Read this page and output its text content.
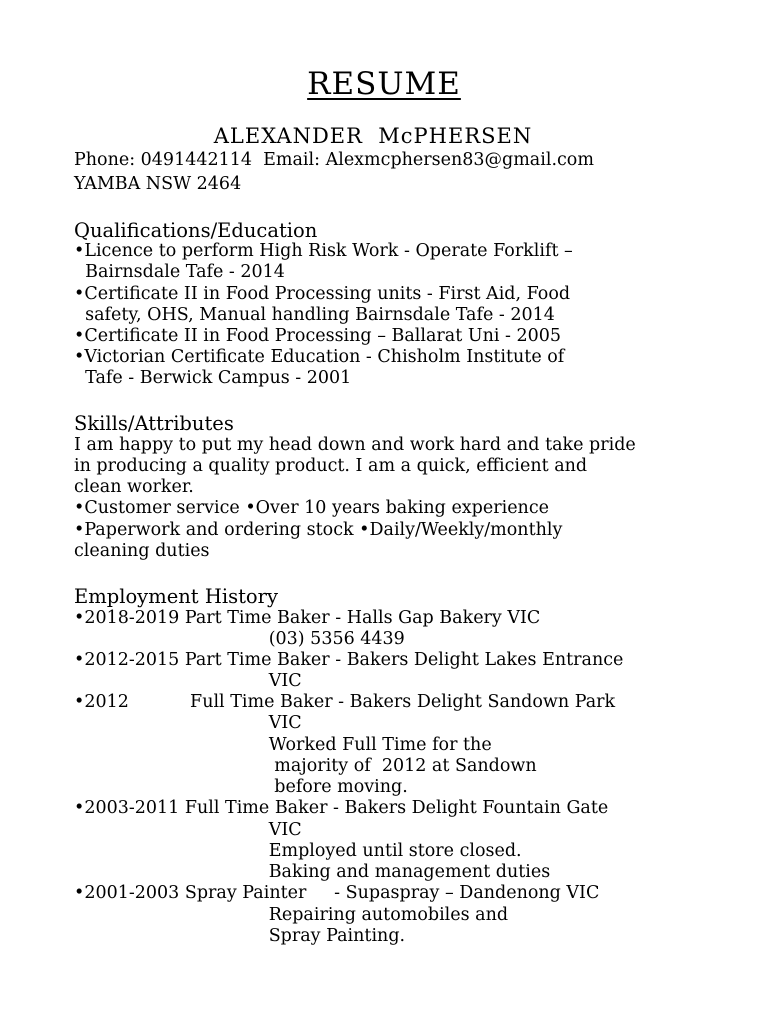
RESUME
ALEXANDER  McPHERSEN
Phone: 0491442114  Email: Alexmcphersen83@gmail.com
YAMBA NSW 2464
Qualifications/Education
•Licence to perform High Risk Work - Operate Forklift –
Bairnsdale Tafe - 2014
•Certificate II in Food Processing units - First Aid, Food
safety, OHS, Manual handling Bairnsdale Tafe - 2014
•Certificate II in Food Processing – Ballarat Uni - 2005
•Victorian Certificate Education - Chisholm Institute of
Tafe - Berwick Campus - 2001
Skills/Attributes
I am happy to put my head down and work hard and take pride
in producing a quality product. I am a quick, efficient and
clean worker.
•Customer service •Over 10 years baking experience
•Paperwork and ordering stock •Daily/Weekly/monthly
cleaning duties
Employment History
•2018-2019 Part Time Baker - Halls Gap Bakery VIC
(03) 5356 4439
•2012-2015 Part Time Baker - Bakers Delight Lakes Entrance
VIC
•2012           Full Time Baker - Bakers Delight Sandown Park
VIC
Worked Full Time for the
majority of  2012 at Sandown
before moving.
•2003-2011 Full Time Baker - Bakers Delight Fountain Gate
VIC
Employed until store closed.
Baking and management duties
•2001-2003 Spray Painter     - Supaspray – Dandenong VIC
Repairing automobiles and
Spray Painting.
